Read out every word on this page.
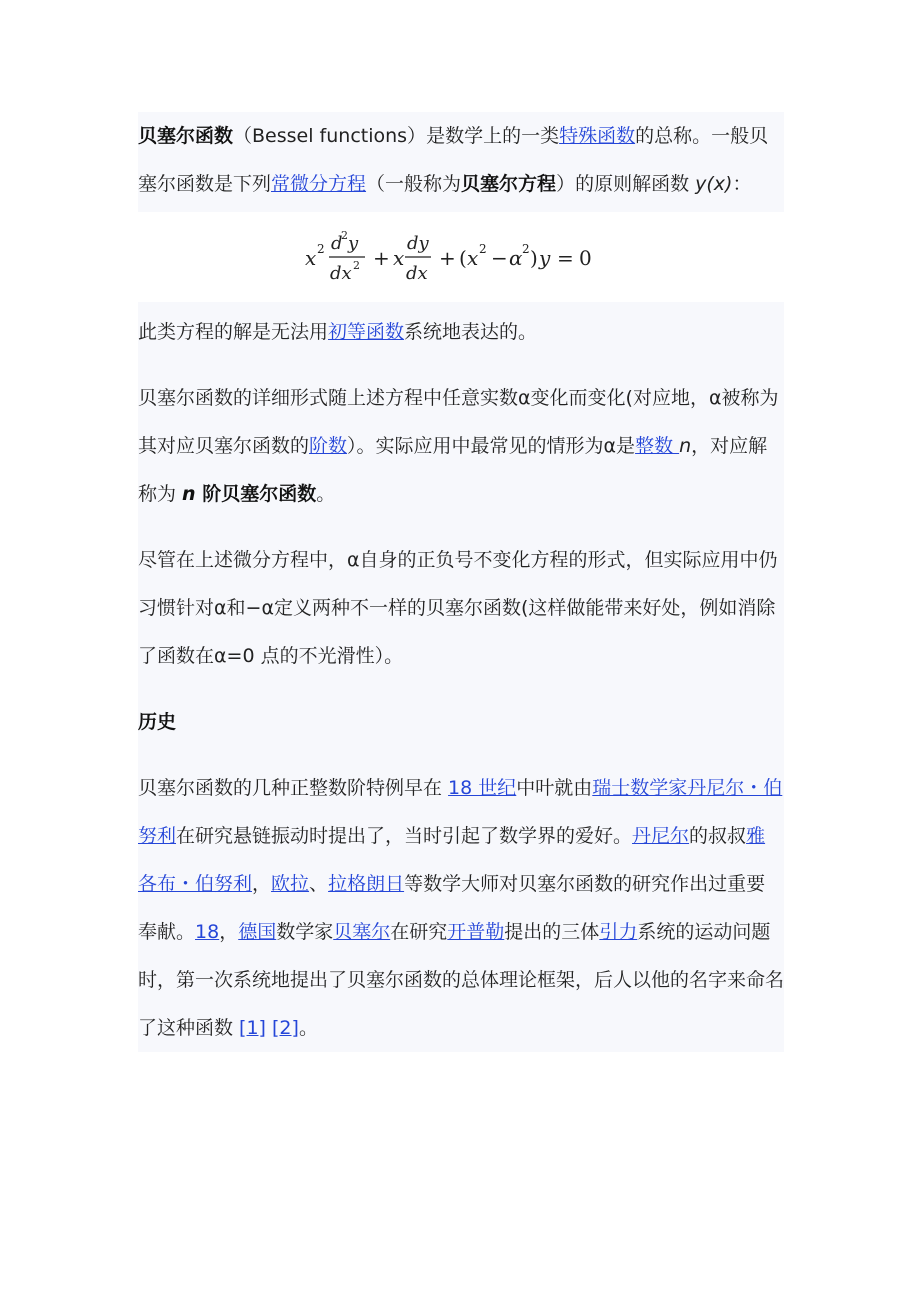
贝塞尔函数（Bessel functions）是数学上的一类特殊函数的总称。一般贝塞尔函数是下列常微分方程（一般称为贝塞尔方程）的原则解函数 y(x)：

x 2 d
2 y
dx 2 + x
dy
dx
+ ( x 2 − α 2 ) y = 0

此类方程的解是无法用初等函数系统地表达的。

贝塞尔函数的详细形式随上述方程中任意实数α变化而变化(对应地，α被称为其对应贝塞尔函数的阶数）。实际应用中最常见的情形为α是整数 n，对应解称为 n 阶贝塞尔函数。

尽管在上述微分方程中，α自身的正负号不变化方程的形式，但实际应用中仍习惯针对α和−α定义两种不一样的贝塞尔函数(这样做能带来好处，例如消除了函数在α=0 点的不光滑性）。

历史

贝塞尔函数的几种正整数阶特例早在 18 世纪中叶就由瑞士数学家丹尼尔・伯努利在研究悬链振动时提出了，当时引起了数学界的爱好。丹尼尔的叔叔雅各布・伯努利，欧拉、拉格朗日等数学大师对贝塞尔函数的研究作出过重要奉献。18，德国数学家贝塞尔在研究开普勒提出的三体引力系统的运动问题时，第一次系统地提出了贝塞尔函数的总体理论框架，后人以他的名字来命名了这种函数 [1] [2]。
